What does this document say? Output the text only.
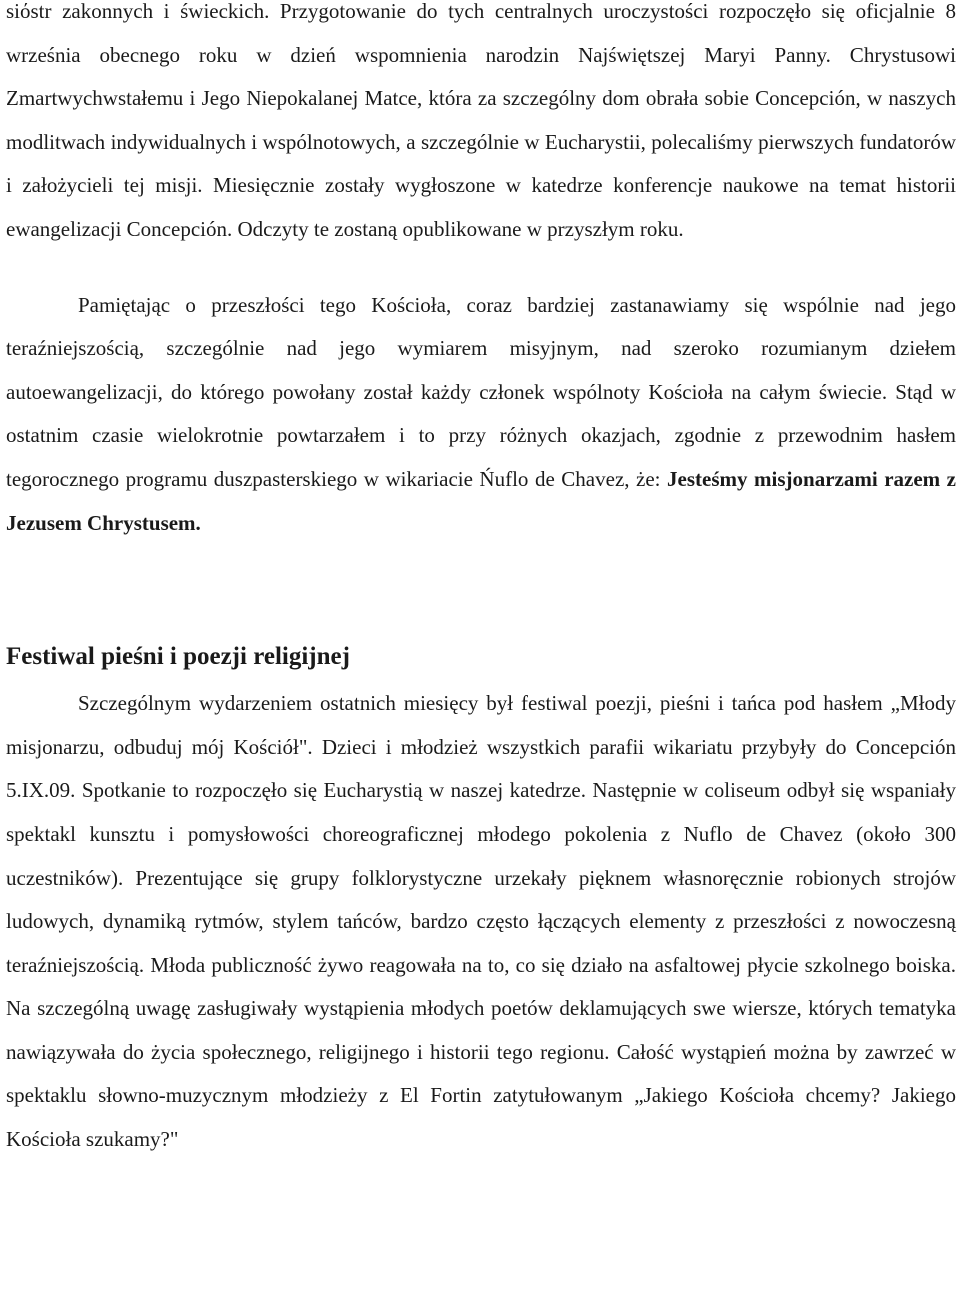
siόstr zakonnych i świeckich. Przygotowanie do tych centralnych uroczystości rozpoczęło się oficjalnie 8 września obecnego roku w dzień wspomnienia narodzin Najświętszej Maryi Panny. Chrystusowi Zmartwychwstałemu i Jego Niepokalanej Matce, która za szczególny dom obrała sobie Concepción, w naszych modlitwach indywidualnych i wspólnotowych, a szczególnie w Eucharystii, polecaliśmy pierwszych fundatorów i założycieli tej misji. Miesięcznie zostały wygłoszone w katedrze konferencje naukowe na temat historii ewangelizacji Concepción. Odczyty te zostaną opublikowane w przyszłym roku.

Pamiętając o przeszłości tego Kościoła, coraz bardziej zastanawiamy się wspólnie nad jego teraźniejszością, szczególnie nad jego wymiarem misyjnym, nad szeroko rozumianym dziełem autoewangelizacji, do którego powołany został każdy członek wspólnoty Kościoła na całym świecie. Stąd w ostatnim czasie wielokrotnie powtarzałem i to przy różnych okazjach, zgodnie z przewodnim hasłem tegorocznego programu duszpasterskiego w wikariacie Ńuflo de Chavez, że: Jesteśmy misjonarzami razem z Jezusem Chrystusem.

Festiwal pieśni i poezji religijnej

Szczególnym wydarzeniem ostatnich miesięcy był festiwal poezji, pieśni i tańca pod hasłem „Młody misjonarzu, odbuduj mój Kościół". Dzieci i młodzież wszystkich parafii wikariatu przybyły do Concepción 5.IX.09. Spotkanie to rozpoczęło się Eucharystią w naszej katedrze. Następnie w coliseum odbył się wspaniały spektakl kunsztu i pomysłowości choreograficznej młodego pokolenia z Nuflo de Chavez (około 300 uczestników). Prezentujące się grupy folklorystyczne urzekały pięknem własnoręcznie robionych strojów ludowych, dynamiką rytmów, stylem tańców, bardzo często łączących elementy z przeszłości z nowoczesną teraźniejszością. Młoda publiczność żywo reagowała na to, co się działo na asfaltowej płycie szkolnego boiska. Na szczególną uwagę zasługiwały wystąpienia młodych poetów deklamujących swe wiersze, których tematyka nawiązywała do życia społecznego, religijnego i historii tego regionu. Całość wystąpień można by zawrzeć w spektaklu słowno-muzycznym młodzieży z El Fortin zatytułowanym „Jakiego Kościoła chcemy? Jakiego Kościoła szukamy?"
